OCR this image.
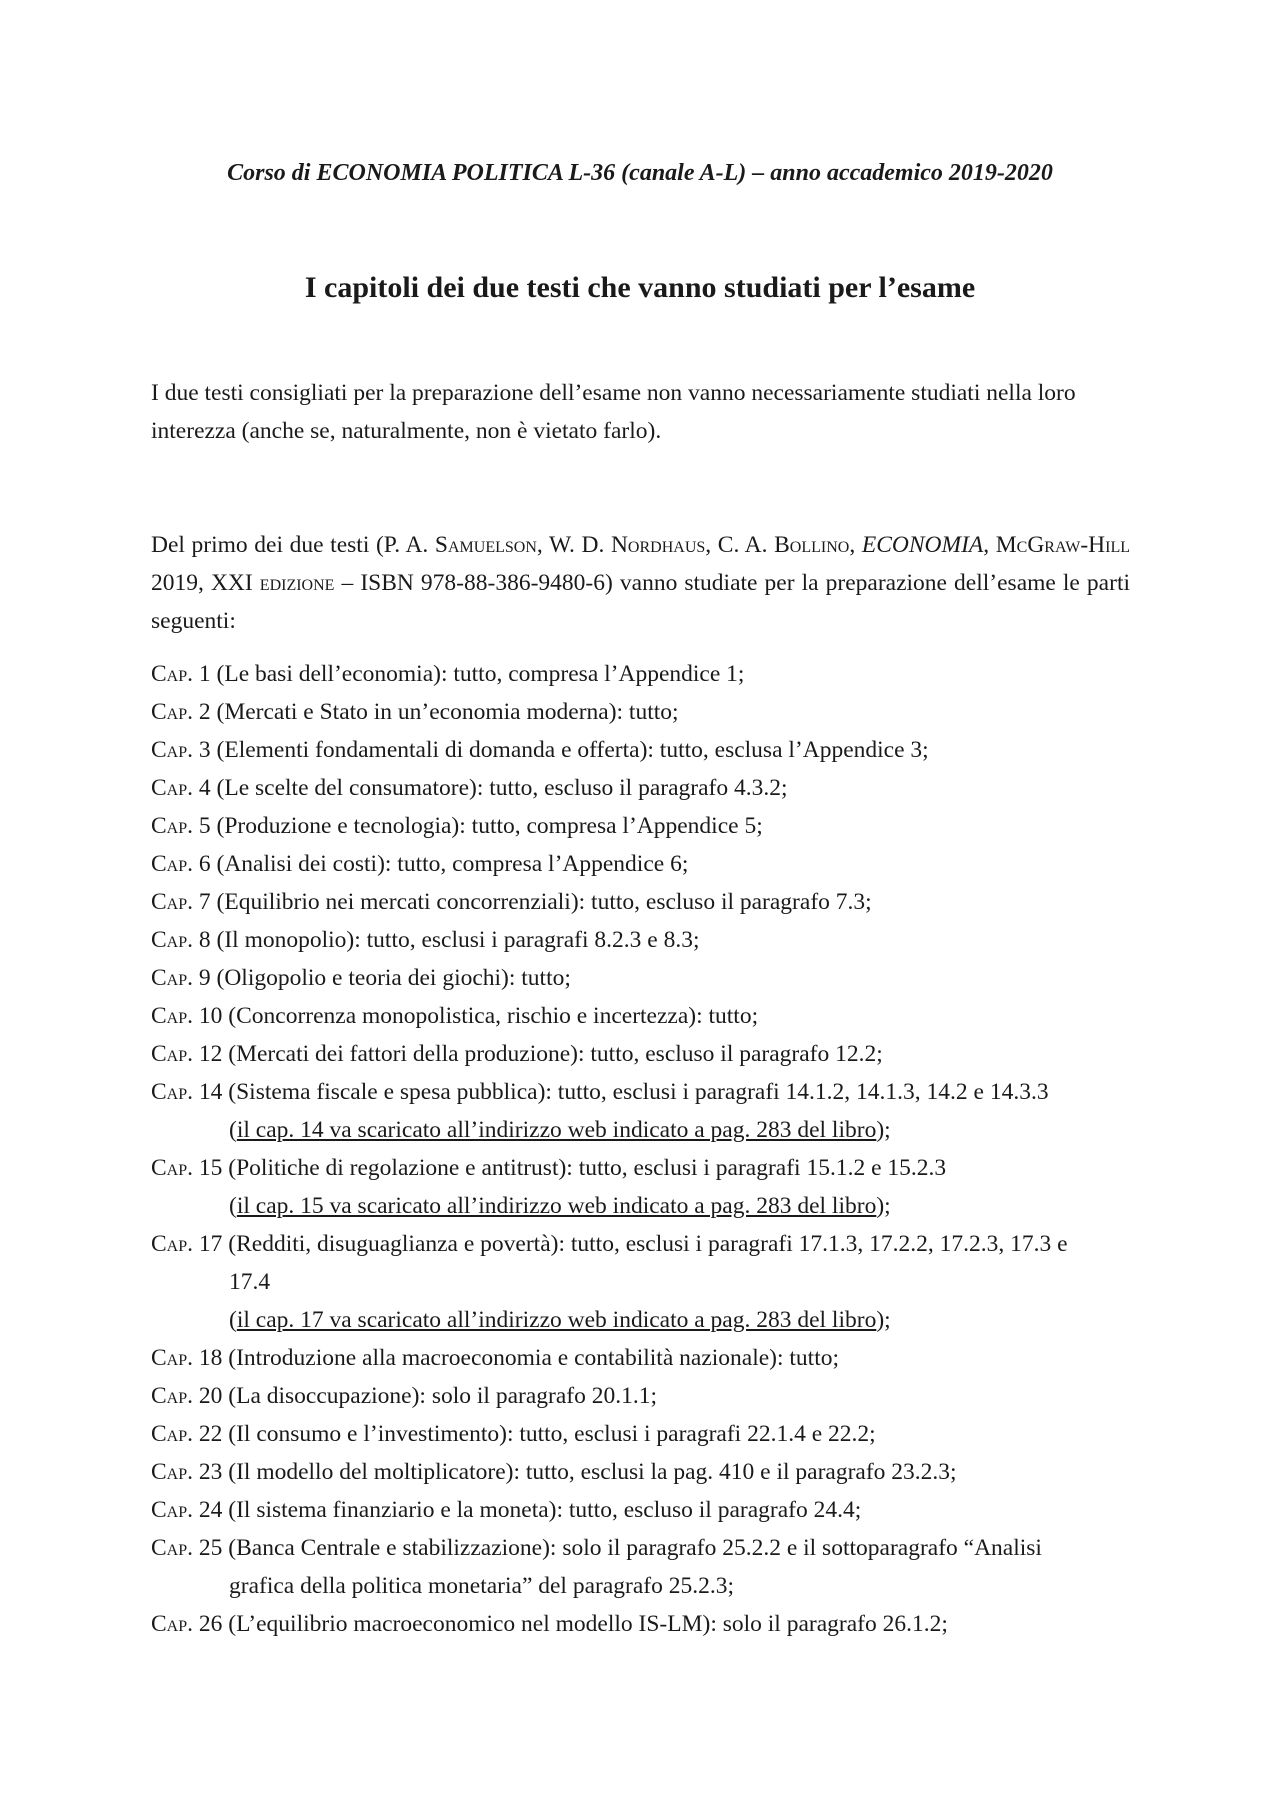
Corso di ECONOMIA POLITICA L-36 (canale A-L) – anno accademico 2019-2020

I capitoli dei due testi che vanno studiati per l’esame

I due testi consigliati per la preparazione dell’esame non vanno necessariamente studiati nella loro interezza (anche se, naturalmente, non è vietato farlo).

Del primo dei due testi (P. A. Samuelson, W. D. Nordhaus, C. A. Bollino, ECONOMIA, McGraw-Hill 2019, XXI edizione – ISBN 978-88-386-9480-6) vanno studiate per la preparazione dell’esame le parti seguenti:

Cap. 1 (Le basi dell’economia): tutto, compresa l’Appendice 1;
Cap. 2 (Mercati e Stato in un’economia moderna): tutto;
Cap. 3 (Elementi fondamentali di domanda e offerta): tutto, esclusa l’Appendice 3;
Cap. 4 (Le scelte del consumatore): tutto, escluso il paragrafo 4.3.2;
Cap. 5 (Produzione e tecnologia): tutto, compresa l’Appendice 5;
Cap. 6 (Analisi dei costi): tutto, compresa l’Appendice 6;
Cap. 7 (Equilibrio nei mercati concorrenziali): tutto, escluso il paragrafo 7.3;
Cap. 8 (Il monopolio): tutto, esclusi i paragrafi 8.2.3 e 8.3;
Cap. 9 (Oligopolio e teoria dei giochi): tutto;
Cap. 10 (Concorrenza monopolistica, rischio e incertezza): tutto;
Cap. 12 (Mercati dei fattori della produzione): tutto, escluso il paragrafo 12.2;
Cap. 14 (Sistema fiscale e spesa pubblica): tutto, esclusi i paragrafi 14.1.2, 14.1.3, 14.2 e 14.3.3
(il cap. 14 va scaricato all’indirizzo web indicato a pag. 283 del libro);
Cap. 15 (Politiche di regolazione e antitrust): tutto, esclusi i paragrafi 15.1.2 e 15.2.3
(il cap. 15 va scaricato all’indirizzo web indicato a pag. 283 del libro);
Cap. 17 (Redditi, disuguaglianza e povertà): tutto, esclusi i paragrafi 17.1.3, 17.2.2, 17.2.3, 17.3 e
17.4
(il cap. 17 va scaricato all’indirizzo web indicato a pag. 283 del libro);
Cap. 18 (Introduzione alla macroeconomia e contabilità nazionale): tutto;
Cap. 20 (La disoccupazione): solo il paragrafo 20.1.1;
Cap. 22 (Il consumo e l’investimento): tutto, esclusi i paragrafi 22.1.4 e 22.2;
Cap. 23 (Il modello del moltiplicatore): tutto, esclusi la pag. 410 e il paragrafo 23.2.3;
Cap. 24 (Il sistema finanziario e la moneta): tutto, escluso il paragrafo 24.4;
Cap. 25 (Banca Centrale e stabilizzazione): solo il paragrafo 25.2.2 e il sottoparagrafo “Analisi
grafica della politica monetaria” del paragrafo 25.2.3;
Cap. 26 (L’equilibrio macroeconomico nel modello IS-LM): solo il paragrafo 26.1.2;
